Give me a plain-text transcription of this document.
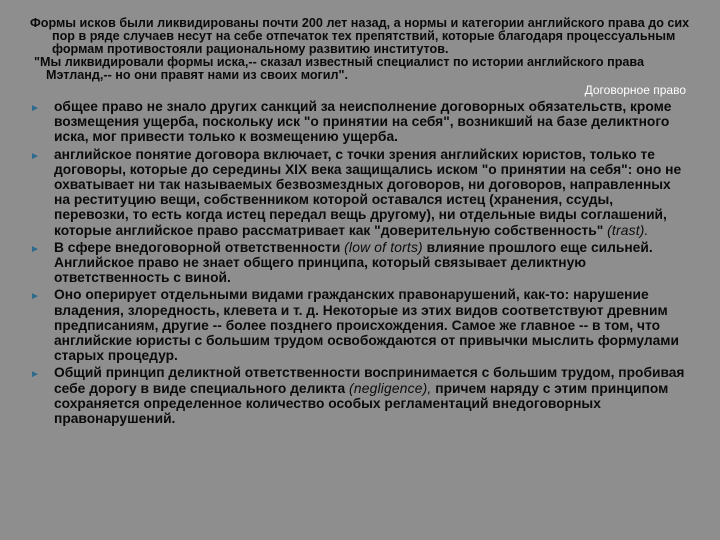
Формы исков были ликвидированы почти 200 лет назад, а нормы и категории английского права до сих пор в ряде случаев несут на себе отпечаток тех препятствий, которые благодаря процессуальным формам противостояли рациональному развитию институтов.

"Мы ликвидировали формы иска,-- сказал известный специалист по истории английского права Мэтланд,-- но они правят нами из своих могил".

Договорное право
► общее право не знало других санкций за неисполнение договорных обязательств, кроме возмещения ущерба, поскольку иск "о принятии на себя", возникший на базе деликтного иска, мог привести только к возмещению ущерба.
► английское понятие договора включает, с точки зрения английских юристов, только те договоры, которые до середины XIX века защищались иском "о принятии на себя": оно не охватывает ни так называемых безвозмездных договоров, ни договоров, направленных на реституцию вещи, собственником которой оставался истец (хранения, ссуды, перевозки, то есть когда истец передал вещь другому), ни отдельные виды соглашений, которые английское право рассматривает как "доверительную собственность" (trast).
► В сфере внедоговорной ответственности (low of torts) влияние прошлого еще сильней. Английское право не знает общего принципа, который связывает деликтную ответственность с виной.
► Оно оперирует отдельными видами гражданских правонарушений, как-то: нарушение владения, злоредность, клевета и т. д. Некоторые из этих видов соответствуют древним предписаниям, другие -- более позднего происхождения. Самое же главное -- в том, что английские юристы с большим трудом освобождаются от привычки мыслить формулами старых процедур.
► Общий принцип деликтной ответственности воспринимается с большим трудом, пробивая себе дорогу в виде специального деликта (negligence), причем наряду с этим принципом сохраняется определенное количество особых регламентаций внедоговорных правонарушений.
